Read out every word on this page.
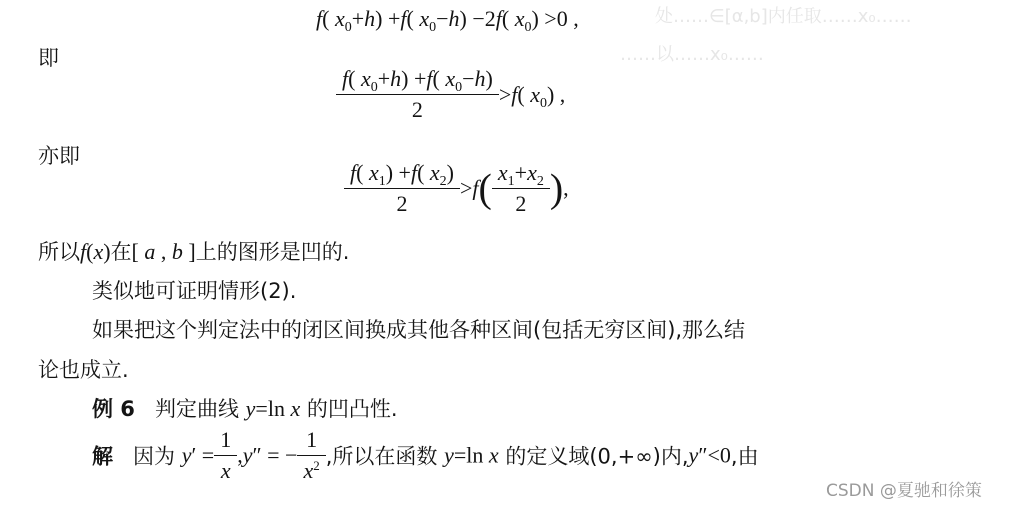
处……∈[α,b]内任取……x₀……
……以……x₀……
f( $x_0+h) +f$( $x_0-h) -2f$( $x_0) >0$ ,
即
$\frac{f( x_0+h) +f( x_0-h)}{2} >f$( $x_0$) ,
亦即
$\frac{f( x_1) +f( x_2)}{2} >f( \frac{x_1+x_2}{2}$ ),
所以f(x)在[ a , b ]上的图形是凹的.
类似地可证明情形(2).
如果把这个判定法中的闭区间换成其他各种区间(包括无穷区间),那么结
论也成立.
例 6 判定曲线 y=ln x 的凹凸性.
解 因为 $y' = \frac{1}{x} ,y''$ = − $\frac{1}{x^2}$ ,所以在函数 y=ln x 的定义域(0,+∞)内,y″<0,由
CSDN @夏驰和徐策
